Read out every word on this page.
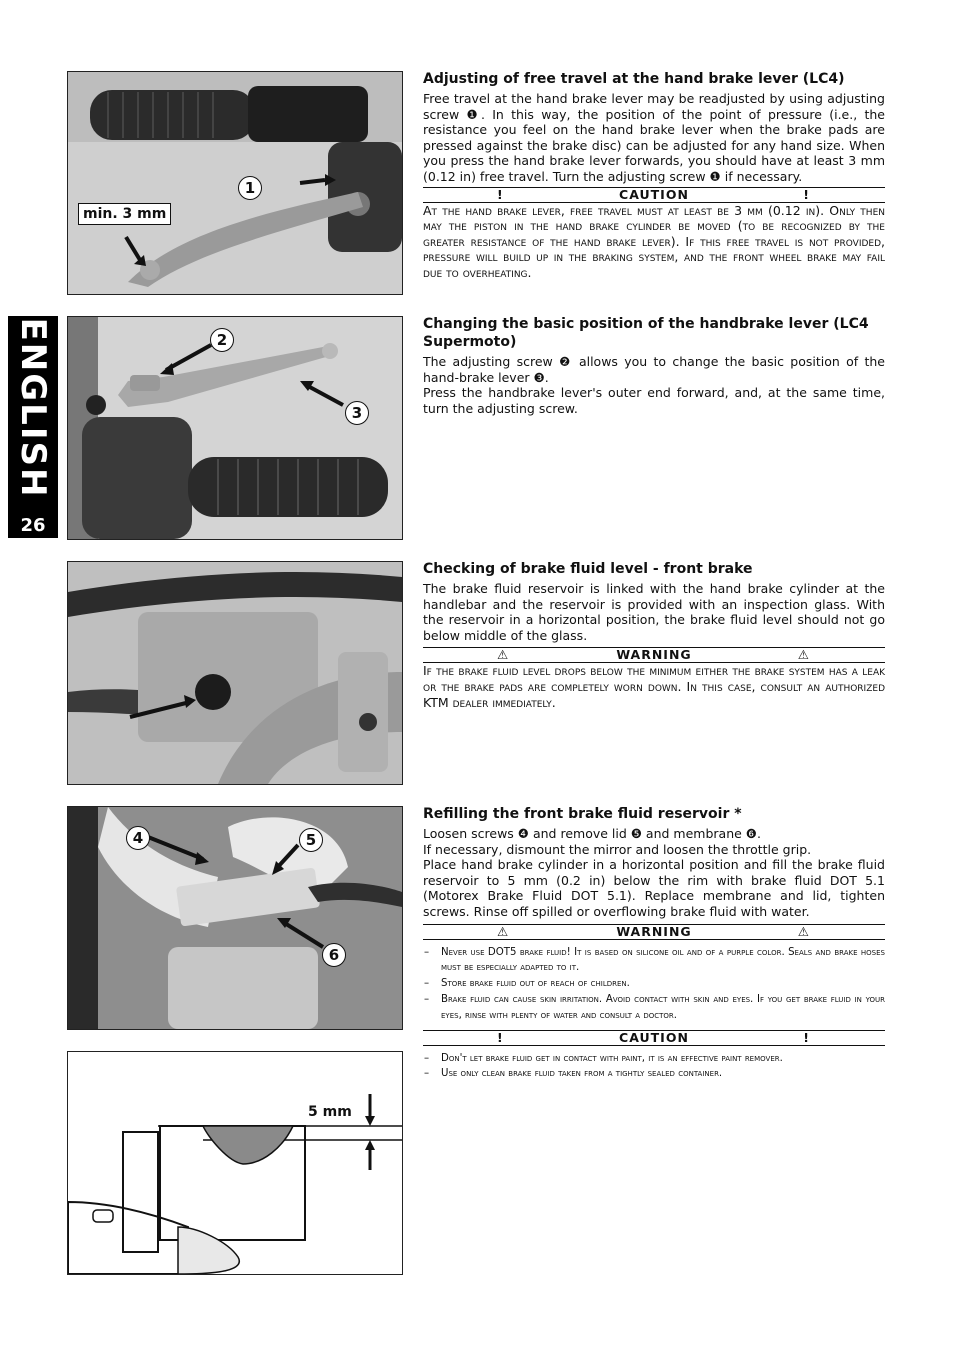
ENGLISH
26
1
min. 3 mm
2
3
4	5
6
5 mm
Adjusting of free travel at the hand brake lever (LC4)

Free travel at the hand brake lever may be readjusted by using adjusting screw ❶. In this way, the position of the point of pressure (i.e., the resistance you feel on the hand brake lever when the brake pads are pressed against the brake disc) can be adjusted for any hand size. When you press the hand brake lever forwards, you should have at least 3 mm (0.12 in) free travel. Turn the adjusting screw ❶ if necessary.

!	CAUTION	!

At the hand brake lever, free travel must at least be 3 mm (0.12 in). Only then may the piston in the hand brake cylinder be moved (to be recognized by the greater resistance of the hand brake lever). If this free travel is not provided, pressure will build up in the braking system, and the front wheel brake may fail due to overheating.

Changing the basic position of the handbrake lever (LC4 Supermoto)

The adjusting screw ❷ allows you to change the basic position of the hand-brake lever ❸.

Press the handbrake lever's outer end forward, and, at the same time, turn the adjusting screw.

Checking of brake fluid level - front brake

The brake fluid reservoir is linked with the hand brake cylinder at the handlebar and the reservoir is provided with an inspection glass. With the reservoir in a horizontal position, the brake fluid level should not go below middle of the glass.

⚠	WARNING	⚠

If the brake fluid level drops below the minimum either the brake system has a leak or the brake pads are completely worn down. In this case, consult an authorized KTM dealer immediately.

Refilling the front brake fluid reservoir *

Loosen screws ❹ and remove lid ❺ and membrane ❻.

If necessary, dismount the mirror and loosen the throttle grip.

Place hand brake cylinder in a horizontal position and fill the brake fluid reservoir to 5 mm (0.2 in) below the rim with brake fluid DOT 5.1 (Motorex Brake Fluid DOT 5.1). Replace membrane and lid, tighten screws. Rinse off spilled or overflowing brake fluid with water.

⚠	WARNING	⚠
– Never use DOT5 brake fluid! It is based on silicone oil and of a purple color. Seals and brake hoses must be especially adapted to it.
– Store brake fluid out of reach of children.
– Brake fluid can cause skin irritation. Avoid contact with skin and eyes. If you get brake fluid in your eyes, rinse with plenty of water and consult a doctor.
!	CAUTION	!
– Don't let brake fluid get in contact with paint, it is an effective paint remover.
– Use only clean brake fluid taken from a tightly sealed container.
